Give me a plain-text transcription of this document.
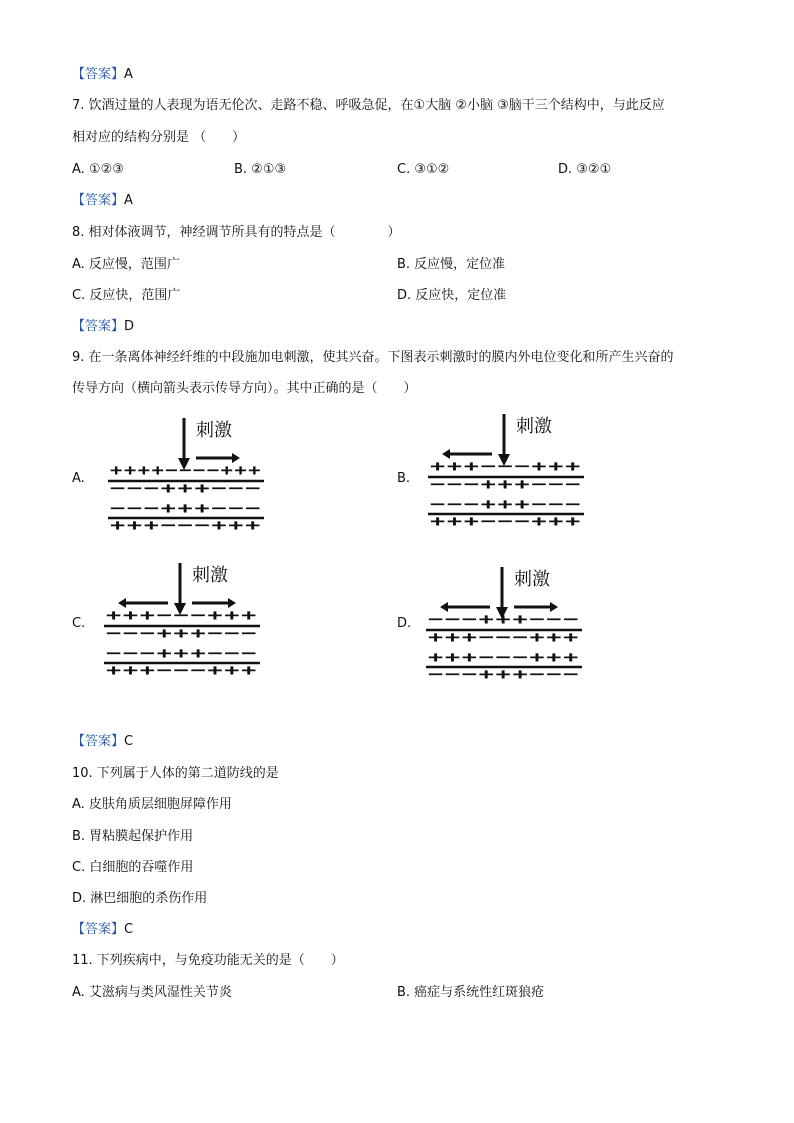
【答案】A
7. 饮酒过量的人表现为语无伦次、走路不稳、呼吸急促，在①大脑 ②小脑 ③脑干三个结构中，与此反应
相对应的结构分别是 （　　）
A. ①②③	B. ②①③	C. ③①②	D. ③②①
【答案】A
8. 相对体液调节，神经调节所具有的特点是（　　　　）
A. 反应慢，范围广	B. 反应慢，定位准
C. 反应快，范围广	D. 反应快，定位准
【答案】D
9. 在一条离体神经纤维的中段施加电刺激，使其兴奋。下图表示刺激时的膜内外电位变化和所产生兴奋的
传导方向（横向箭头表示传导方向）。其中正确的是（　　）
A.	B.
C.	D.
刺激
++++−−−−+++
−−−+++−−−
−−−+++−−−
+++−−−+++
刺激
+++−−−+++
−−−+++−−−
−−−+++−−−
+++−−−+++
刺激
+++−−−+++
−−−+++−−−
−−−+++−−−
+++−−−+++
刺激
−−−+++−−−
+++−−−+++
+++−−−+++
−−−+++−−−
【答案】C
10. 下列属于人体的第二道防线的是
A. 皮肤角质层细胞屏障作用
B. 胃粘膜起保护作用
C. 白细胞的吞噬作用
D. 淋巴细胞的杀伤作用
【答案】C
11. 下列疾病中，与免疫功能无关的是（　　）
A. 艾滋病与类风湿性关节炎	B. 癌症与系统性红斑狼疮
